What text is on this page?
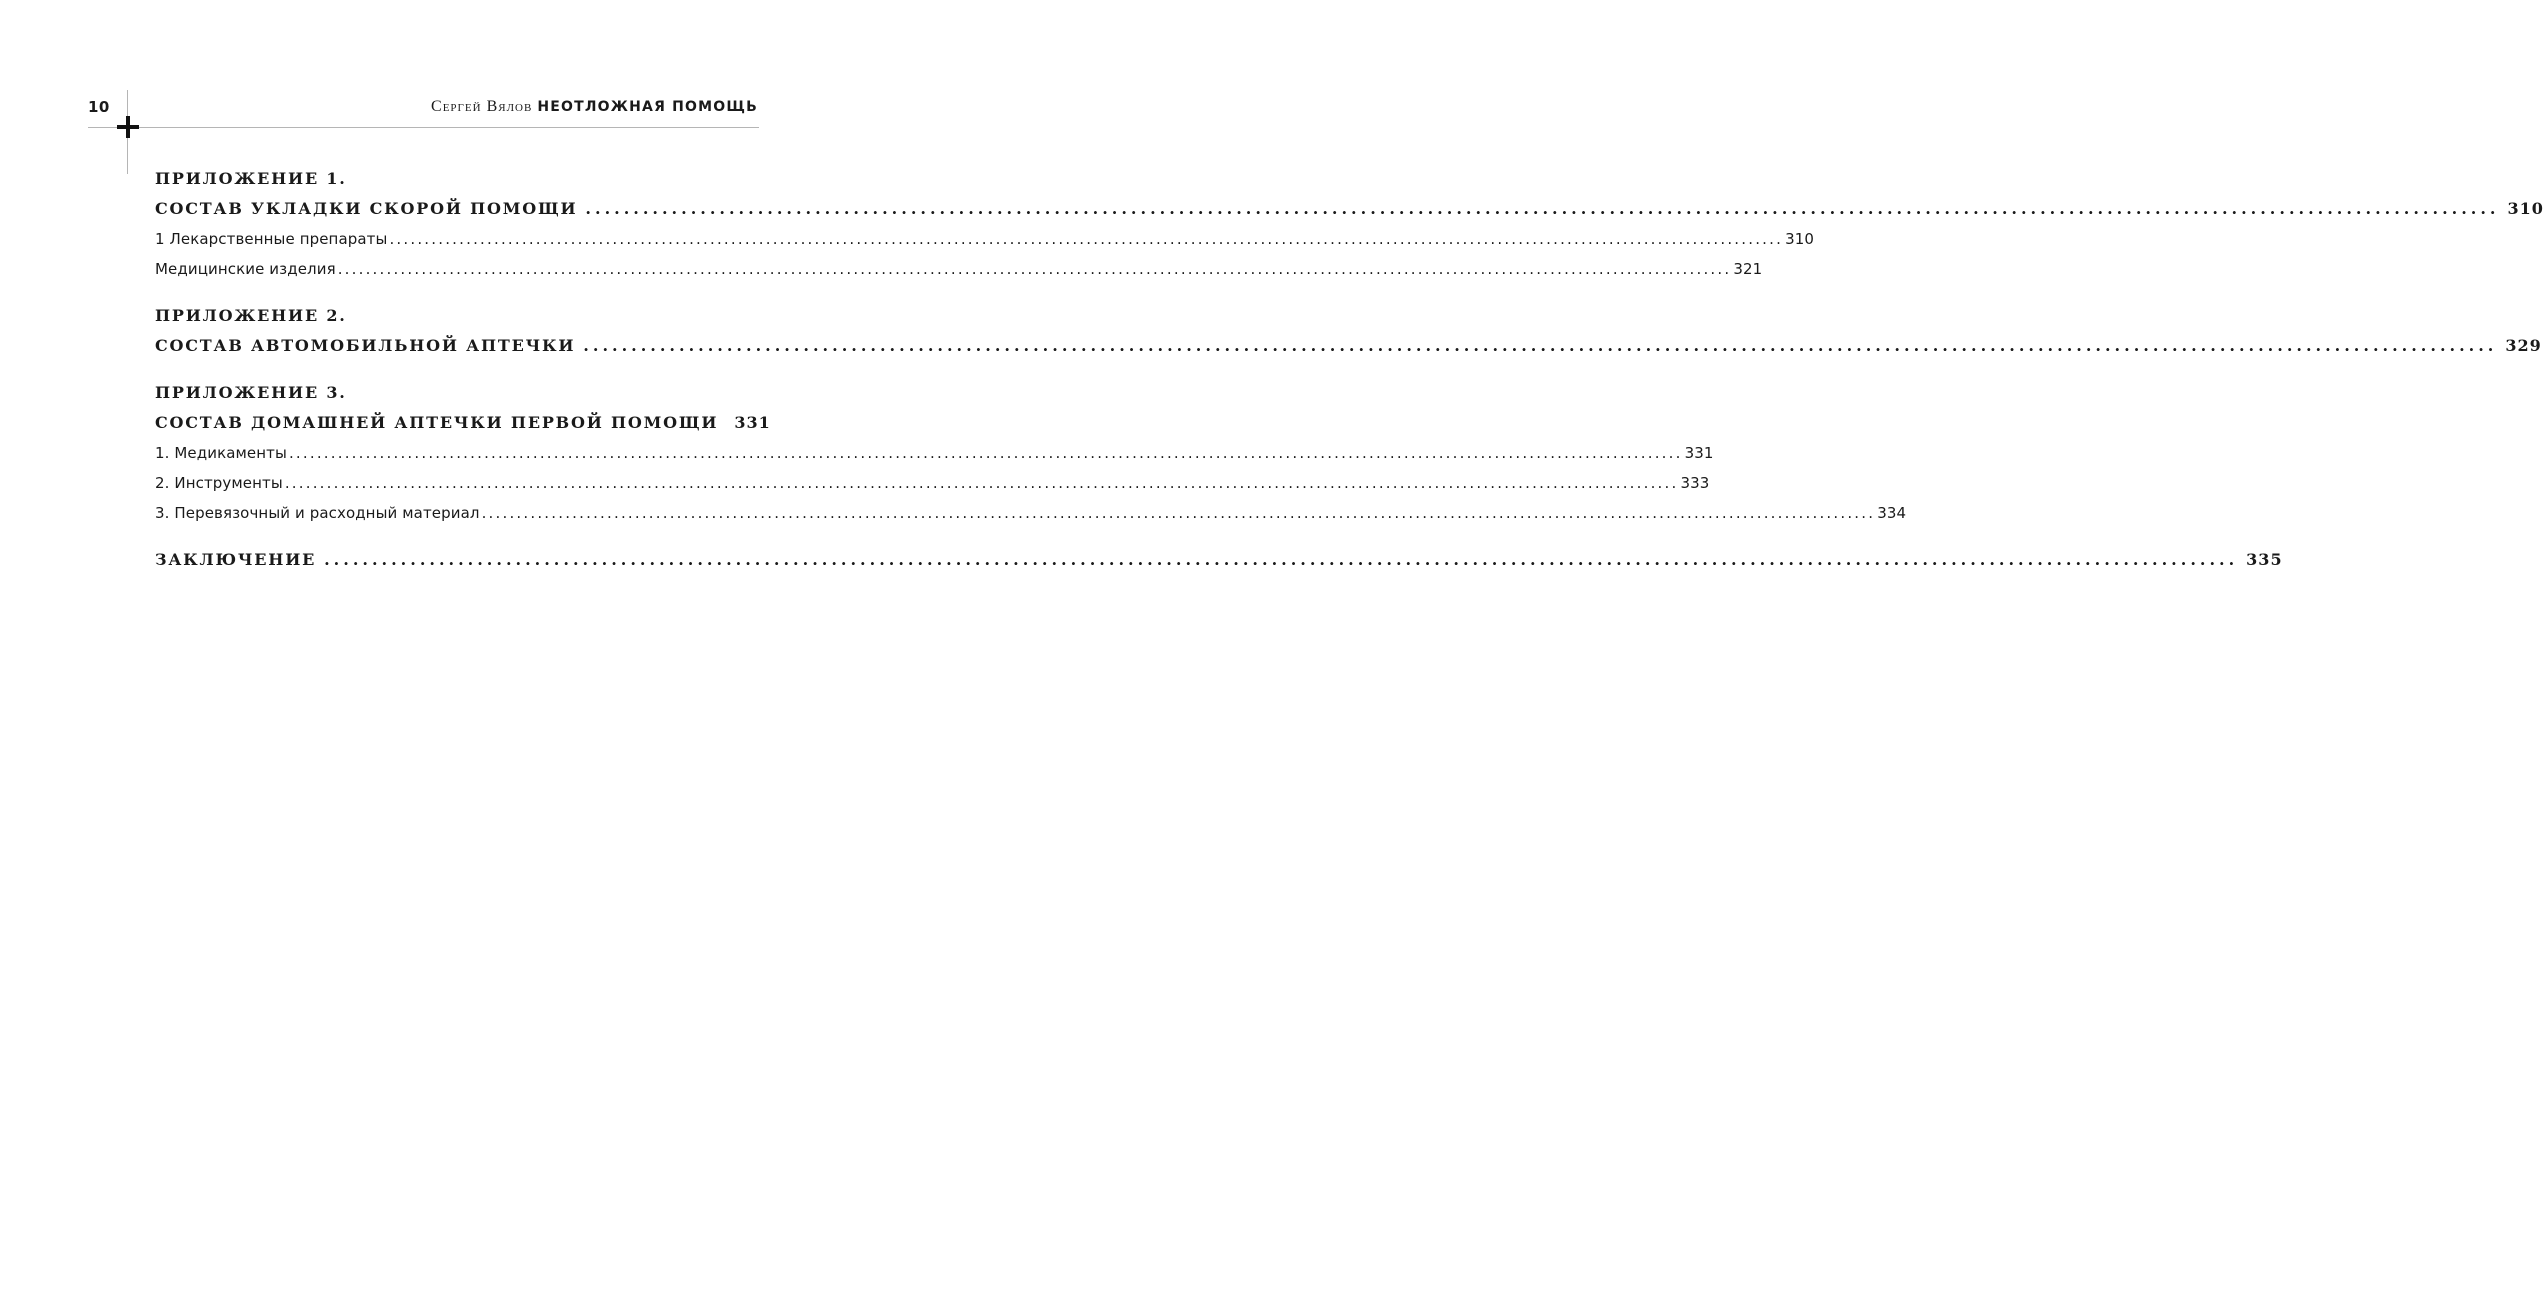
10	Сергей Вялов НЕОТЛОЖНАЯ ПОМОЩЬ
ПРИЛОЖЕНИЕ 1.
СОСТАВ УКЛАДКИ СКОРОЙ ПОМОЩИ ........................................................................................................................................................................................................ 310
1 Лекарственные препараты ........................................................................................................................................................................................................ 310
Медицинские изделия ........................................................................................................................................................................................................ 321
ПРИЛОЖЕНИЕ 2.
СОСТАВ АВТОМОБИЛЬНОЙ АПТЕЧКИ ........................................................................................................................................................................................................ 329
ПРИЛОЖЕНИЕ 3.
СОСТАВ ДОМАШНЕЙ АПТЕЧКИ ПЕРВОЙ ПОМОЩИ 331
1. Медикаменты ........................................................................................................................................................................................................ 331
2. Инструменты ........................................................................................................................................................................................................ 333
3. Перевязочный и расходный материал ........................................................................................................................................................................................................ 334
ЗАКЛЮЧЕНИЕ ........................................................................................................................................................................................................ 335
